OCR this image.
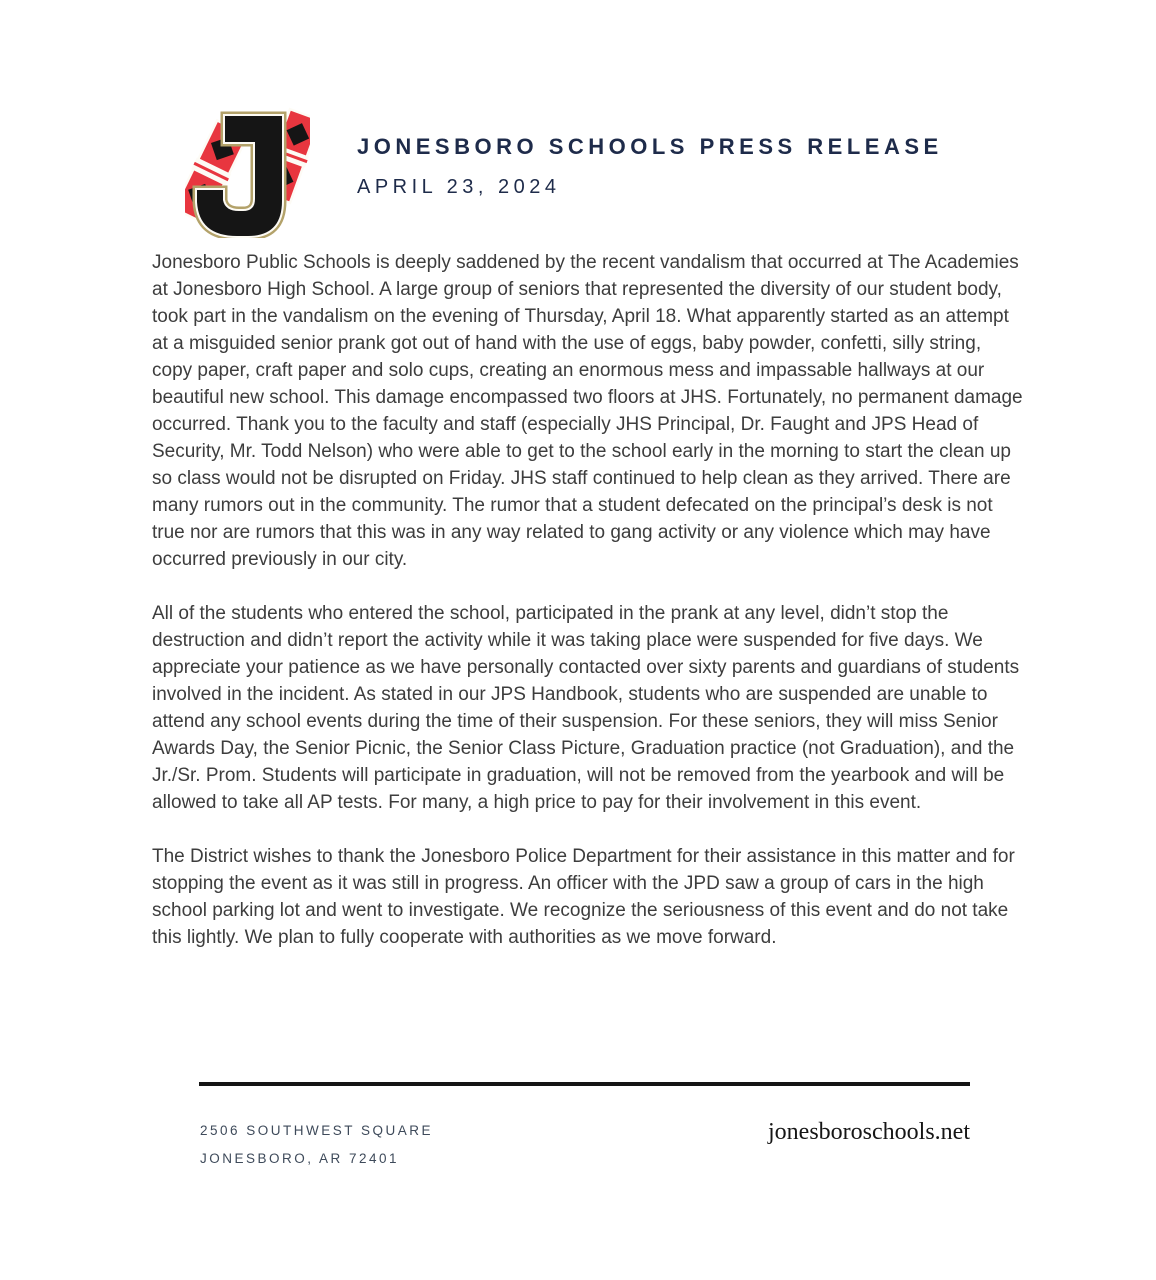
JONESBORO SCHOOLS PRESS RELEASE
APRIL 23, 2024

Jonesboro Public Schools is deeply saddened by the recent vandalism that occurred at The Academies at Jonesboro High School. A large group of seniors that represented the diversity of our student body, took part in the vandalism on the evening of Thursday, April 18. What apparently started as an attempt at a misguided senior prank got out of hand with the use of eggs, baby powder, confetti, silly string, copy paper, craft paper and solo cups, creating an enormous mess and impassable hallways at our beautiful new school. This damage encompassed two floors at JHS. Fortunately, no permanent damage occurred. Thank you to the faculty and staff (especially JHS Principal, Dr. Faught and JPS Head of Security, Mr. Todd Nelson) who were able to get to the school early in the morning to start the clean up so class would not be disrupted on Friday. JHS staff continued to help clean as they arrived. There are many rumors out in the community. The rumor that a student defecated on the principal’s desk is not true nor are rumors that this was in any way related to gang activity or any violence which may have occurred previously in our city.

All of the students who entered the school, participated in the prank at any level, didn’t stop the destruction and didn’t report the activity while it was taking place were suspended for five days. We appreciate your patience as we have personally contacted over sixty parents and guardians of students involved in the incident. As stated in our JPS Handbook, students who are suspended are unable to attend any school events during the time of their suspension. For these seniors, they will miss Senior Awards Day, the Senior Picnic, the Senior Class Picture, Graduation practice (not Graduation), and the Jr./Sr. Prom. Students will participate in graduation, will not be removed from the yearbook and will be allowed to take all AP tests. For many, a high price to pay for their involvement in this event.

The District wishes to thank the Jonesboro Police Department for their assistance in this matter and for stopping the event as it was still in progress. An officer with the JPD saw a group of cars in the high school parking lot and went to investigate. We recognize the seriousness of this event and do not take this lightly. We plan to fully cooperate with authorities as we move forward.

2506 SOUTHWEST SQUARE
JONESBORO, AR 72401
jonesboroschools.net
